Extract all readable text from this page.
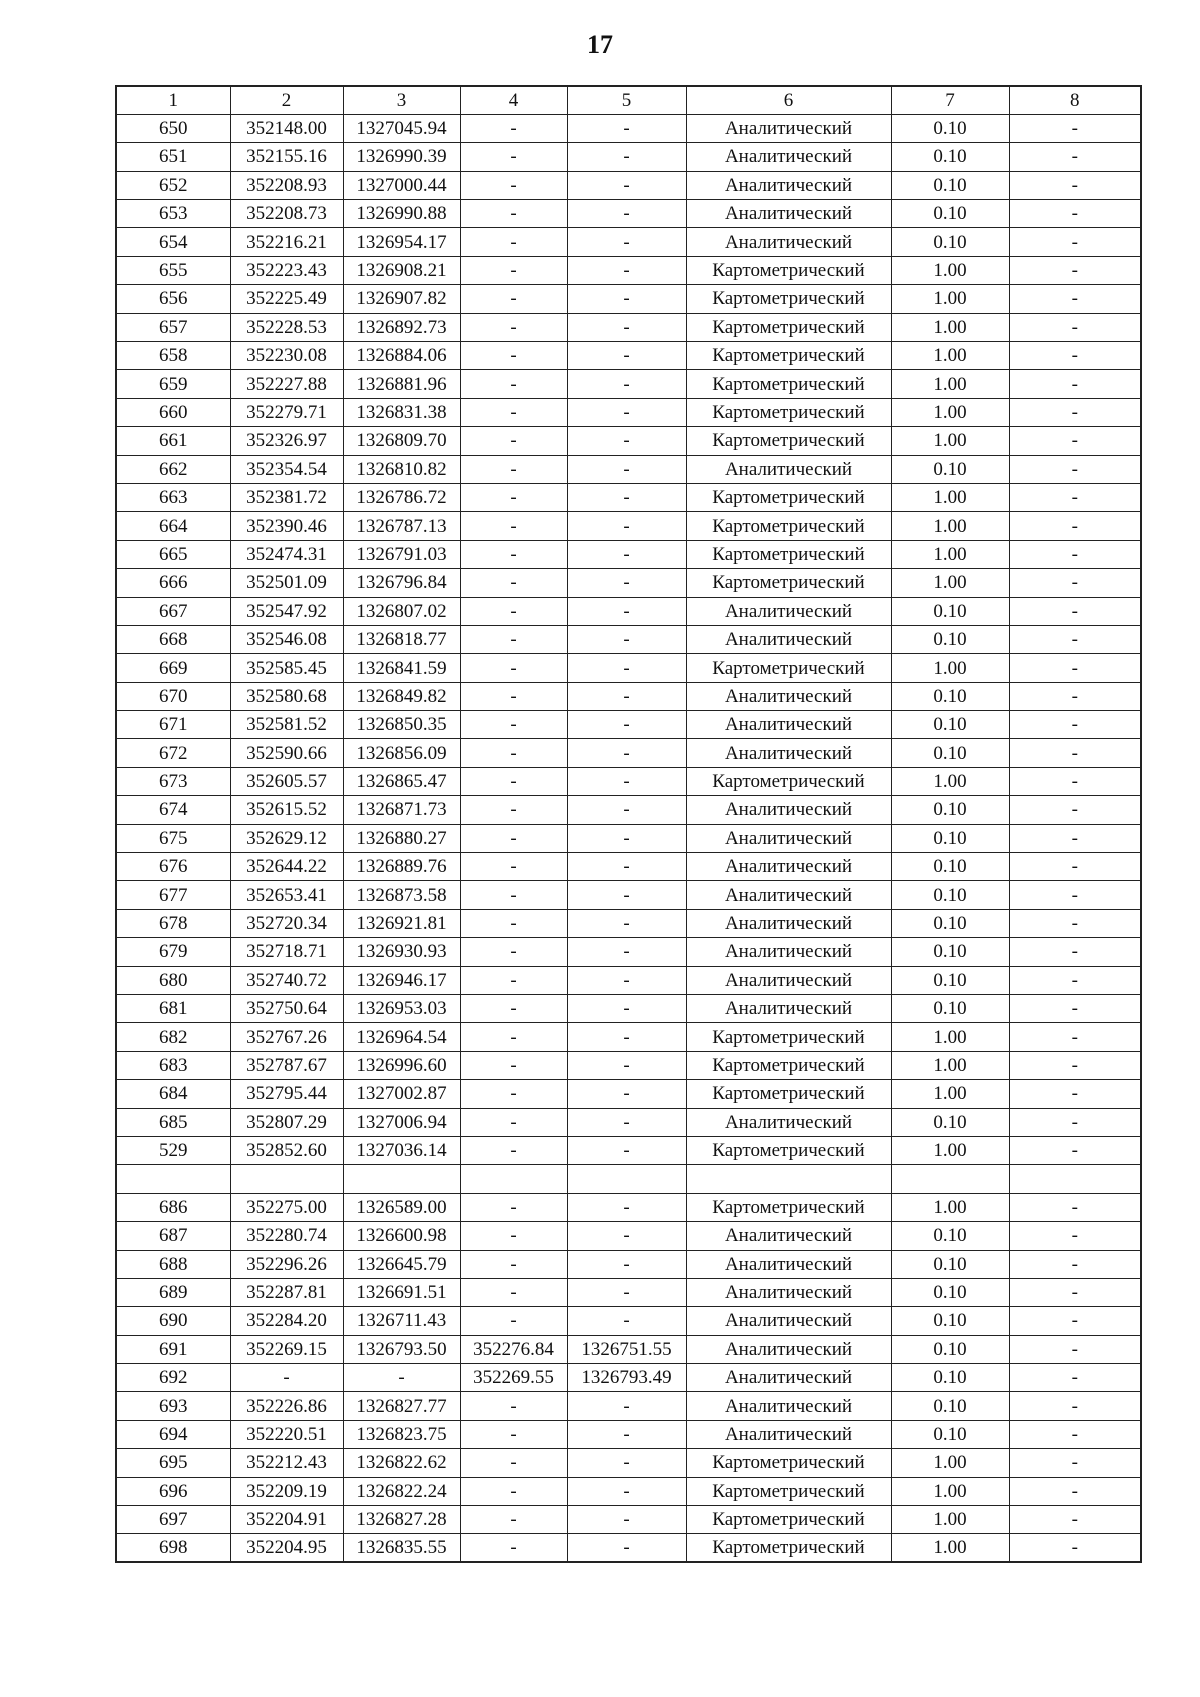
17
1	2	3	4	5	6	7	8
650	352148.00	1327045.94	-	-	Аналитический	0.10	-
651	352155.16	1326990.39	-	-	Аналитический	0.10	-
652	352208.93	1327000.44	-	-	Аналитический	0.10	-
653	352208.73	1326990.88	-	-	Аналитический	0.10	-
654	352216.21	1326954.17	-	-	Аналитический	0.10	-
655	352223.43	1326908.21	-	-	Картометрический	1.00	-
656	352225.49	1326907.82	-	-	Картометрический	1.00	-
657	352228.53	1326892.73	-	-	Картометрический	1.00	-
658	352230.08	1326884.06	-	-	Картометрический	1.00	-
659	352227.88	1326881.96	-	-	Картометрический	1.00	-
660	352279.71	1326831.38	-	-	Картометрический	1.00	-
661	352326.97	1326809.70	-	-	Картометрический	1.00	-
662	352354.54	1326810.82	-	-	Аналитический	0.10	-
663	352381.72	1326786.72	-	-	Картометрический	1.00	-
664	352390.46	1326787.13	-	-	Картометрический	1.00	-
665	352474.31	1326791.03	-	-	Картометрический	1.00	-
666	352501.09	1326796.84	-	-	Картометрический	1.00	-
667	352547.92	1326807.02	-	-	Аналитический	0.10	-
668	352546.08	1326818.77	-	-	Аналитический	0.10	-
669	352585.45	1326841.59	-	-	Картометрический	1.00	-
670	352580.68	1326849.82	-	-	Аналитический	0.10	-
671	352581.52	1326850.35	-	-	Аналитический	0.10	-
672	352590.66	1326856.09	-	-	Аналитический	0.10	-
673	352605.57	1326865.47	-	-	Картометрический	1.00	-
674	352615.52	1326871.73	-	-	Аналитический	0.10	-
675	352629.12	1326880.27	-	-	Аналитический	0.10	-
676	352644.22	1326889.76	-	-	Аналитический	0.10	-
677	352653.41	1326873.58	-	-	Аналитический	0.10	-
678	352720.34	1326921.81	-	-	Аналитический	0.10	-
679	352718.71	1326930.93	-	-	Аналитический	0.10	-
680	352740.72	1326946.17	-	-	Аналитический	0.10	-
681	352750.64	1326953.03	-	-	Аналитический	0.10	-
682	352767.26	1326964.54	-	-	Картометрический	1.00	-
683	352787.67	1326996.60	-	-	Картометрический	1.00	-
684	352795.44	1327002.87	-	-	Картометрический	1.00	-
685	352807.29	1327006.94	-	-	Аналитический	0.10	-
529	352852.60	1327036.14	-	-	Картометрический	1.00	-

686	352275.00	1326589.00	-	-	Картометрический	1.00	-
687	352280.74	1326600.98	-	-	Аналитический	0.10	-
688	352296.26	1326645.79	-	-	Аналитический	0.10	-
689	352287.81	1326691.51	-	-	Аналитический	0.10	-
690	352284.20	1326711.43	-	-	Аналитический	0.10	-
691	352269.15	1326793.50	352276.84	1326751.55	Аналитический	0.10	-
692	-	-	352269.55	1326793.49	Аналитический	0.10	-
693	352226.86	1326827.77	-	-	Аналитический	0.10	-
694	352220.51	1326823.75	-	-	Аналитический	0.10	-
695	352212.43	1326822.62	-	-	Картометрический	1.00	-
696	352209.19	1326822.24	-	-	Картометрический	1.00	-
697	352204.91	1326827.28	-	-	Картометрический	1.00	-
698	352204.95	1326835.55	-	-	Картометрический	1.00	-
